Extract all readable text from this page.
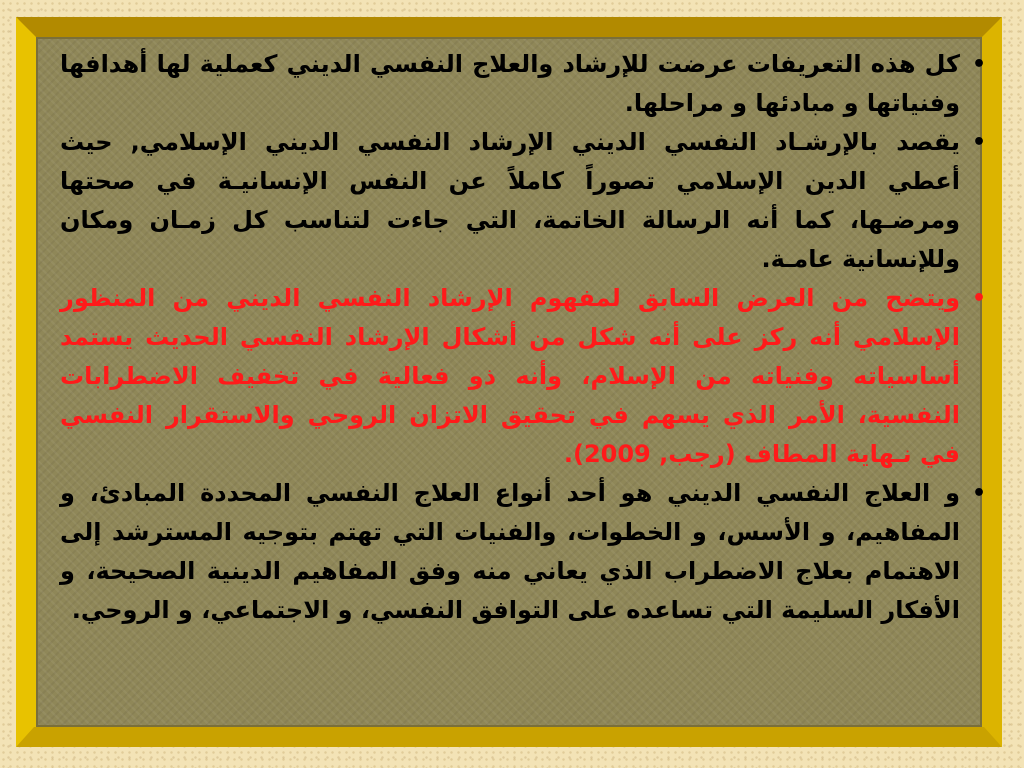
•
كل هذه التعريفات عرضت للإرشاد والعلاج النفسي الديني كعملية لها أهدافها وفنياتها و مبادئها و مراحلها.
•
يقصد بالإرشـاد النفسي الديني الإرشاد النفسي الديني الإسلامي, حيث أعطي الدين الإسلامي تصوراً كاملاً عن النفس الإنسانيـة في صحتها ومرضـها، كما أنه الرسالة الخاتمة، التي جاءت لتناسب كل زمـان ومكان وللإنسانية عامـة.
•
ويتضح من العرض السابق لمفهوم الإرشاد النفسي الديني من المنظور الإسلامي أنه ركز على أنه شكل من أشكال الإرشاد النفسي الحديث يستمد أساسياته وفنياته من الإسلام، وأنه ذو فعالية في تخفيف الاضطرابات النفسية، الأمر الذي يسهم في تحقيق الاتزان الروحي والاستقرار النفسي في نـهاية المطاف (رجب, 2009).
•
و العلاج النفسي الديني هو أحد أنواع العلاج النفسي المحددة المبادئ، و المفاهيم، و الأسس، و الخطوات، والفنيات التي تهتم بتوجيه المسترشد إلى الاهتمام بعلاج الاضطراب الذي يعاني منه وفق المفاهيم الدينية الصحيحة، و الأفكار السليمة التي تساعده على التوافق النفسي، و الاجتماعي، و الروحي.
